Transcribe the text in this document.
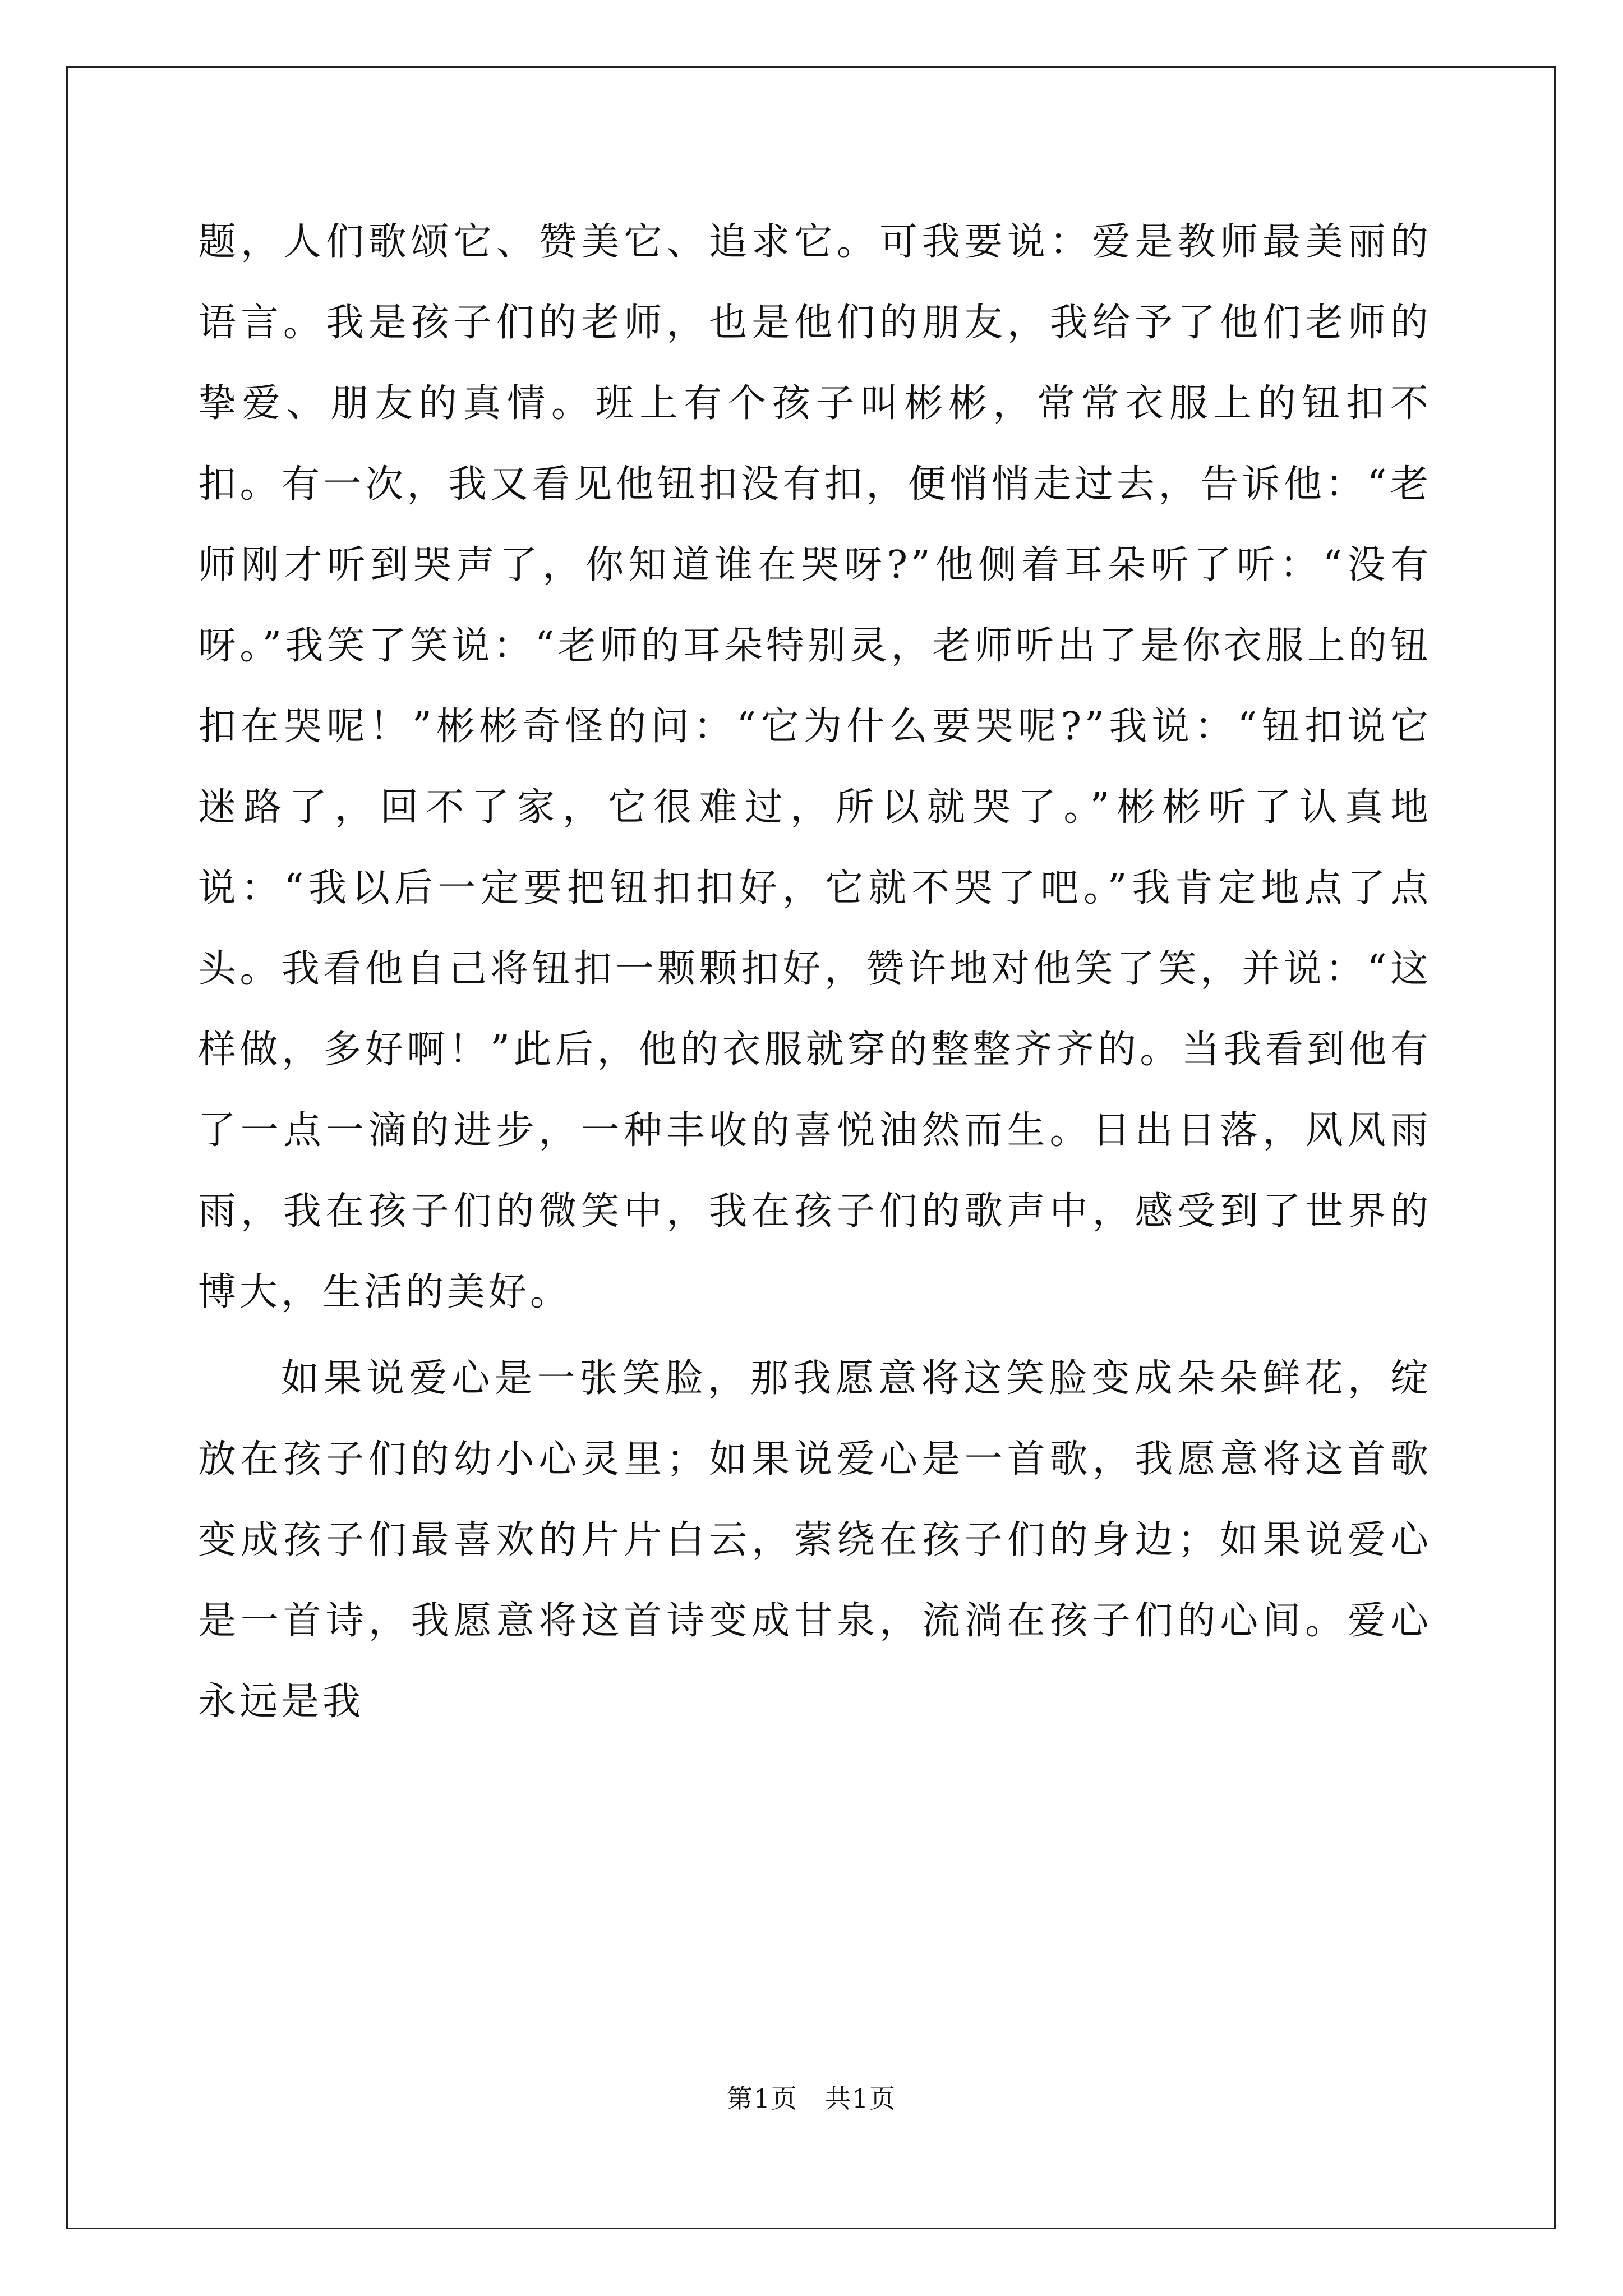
题，人们歌颂它、赞美它、追求它。可我要说：爱是教师最美丽的语言。我是孩子们的老师，也是他们的朋友，我给予了他们老师的挚爱、朋友的真情。班上有个孩子叫彬彬，常常衣服上的钮扣不扣。有一次，我又看见他钮扣没有扣，便悄悄走过去，告诉他：“老师刚才听到哭声了，你知道谁在哭呀?”他侧着耳朵听了听：“没有呀。”我笑了笑说：“老师的耳朵特别灵，老师听出了是你衣服上的钮扣在哭呢！”彬彬奇怪的问：“它为什么要哭呢?”我说：“钮扣说它迷路了，回不了家，它很难过，所以就哭了。”彬彬听了认真地说：“我以后一定要把钮扣扣好，它就不哭了吧。”我肯定地点了点头。我看他自己将钮扣一颗颗扣好，赞许地对他笑了笑，并说：“这样做，多好啊！”此后，他的衣服就穿的整整齐齐的。当我看到他有了一点一滴的进步，一种丰收的喜悦油然而生。日出日落，风风雨雨，我在孩子们的微笑中，我在孩子们的歌声中，感受到了世界的博大，生活的美好。

如果说爱心是一张笑脸，那我愿意将这笑脸变成朵朵鲜花，绽放在孩子们的幼小心灵里；如果说爱心是一首歌，我愿意将这首歌变成孩子们最喜欢的片片白云，萦绕在孩子们的身边；如果说爱心是一首诗，我愿意将这首诗变成甘泉，流淌在孩子们的心间。爱心永远是我

第1页　共1页
